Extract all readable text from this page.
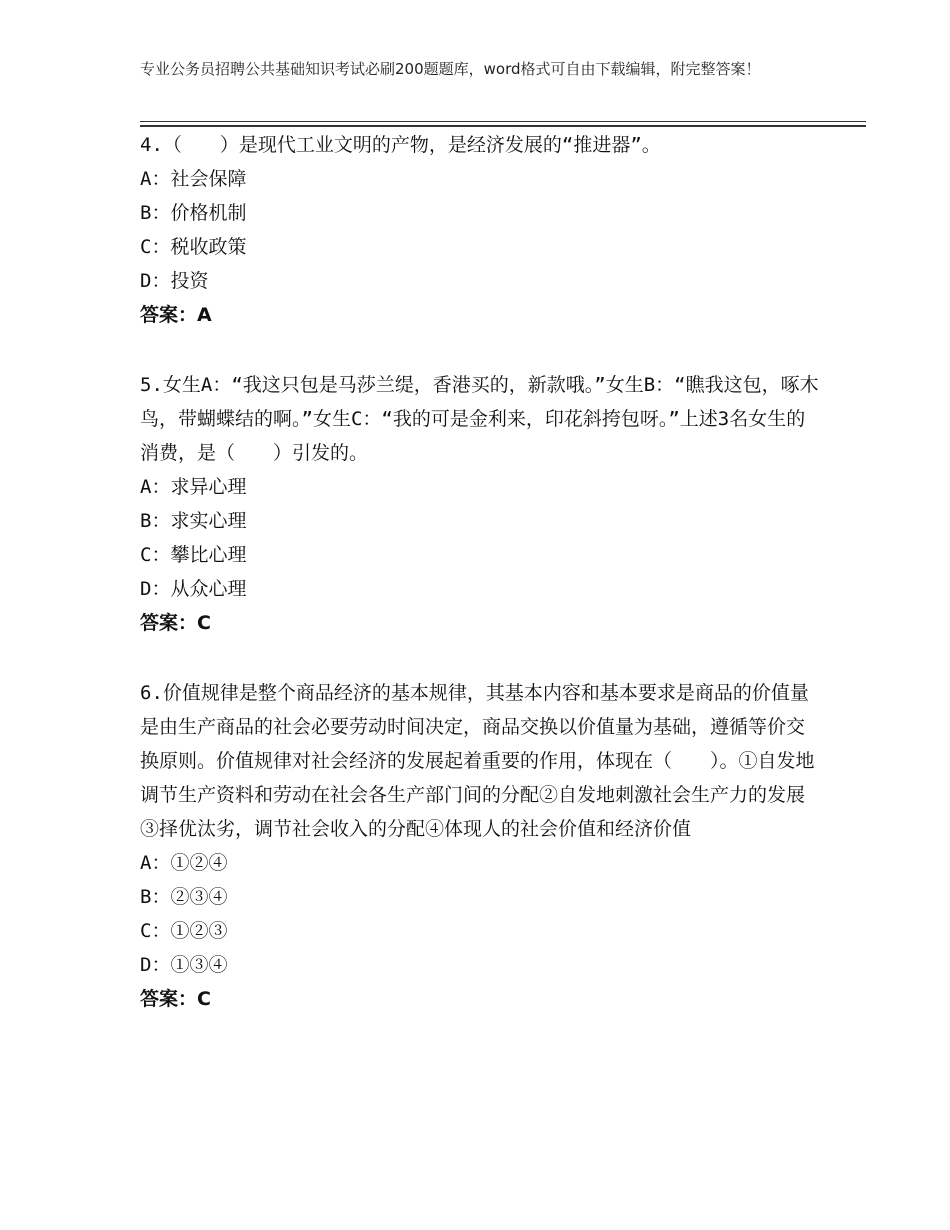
专业公务员招聘公共基础知识考试必刷200题题库，word格式可自由下载编辑，附完整答案！
4.（　　）是现代工业文明的产物，是经济发展的“推进器”。
A：社会保障
B：价格机制
C：税收政策
D：投资
答案：A
5.女生A：“我这只包是马莎兰缇，香港买的，新款哦。”女生B：“瞧我这包，啄木鸟，带蝴蝶结的啊。”女生C：“我的可是金利来，印花斜挎包呀。”上述3名女生的消费，是（　　）引发的。
A：求异心理
B：求实心理
C：攀比心理
D：从众心理
答案：C
6.价值规律是整个商品经济的基本规律，其基本内容和基本要求是商品的价值量是由生产商品的社会必要劳动时间决定，商品交换以价值量为基础，遵循等价交换原则。价值规律对社会经济的发展起着重要的作用，体现在（　　）。①自发地调节生产资料和劳动在社会各生产部门间的分配②自发地刺激社会生产力的发展③择优汰劣，调节社会收入的分配④体现人的社会价值和经济价值
A：①②④
B：②③④
C：①②③
D：①③④
答案：C
